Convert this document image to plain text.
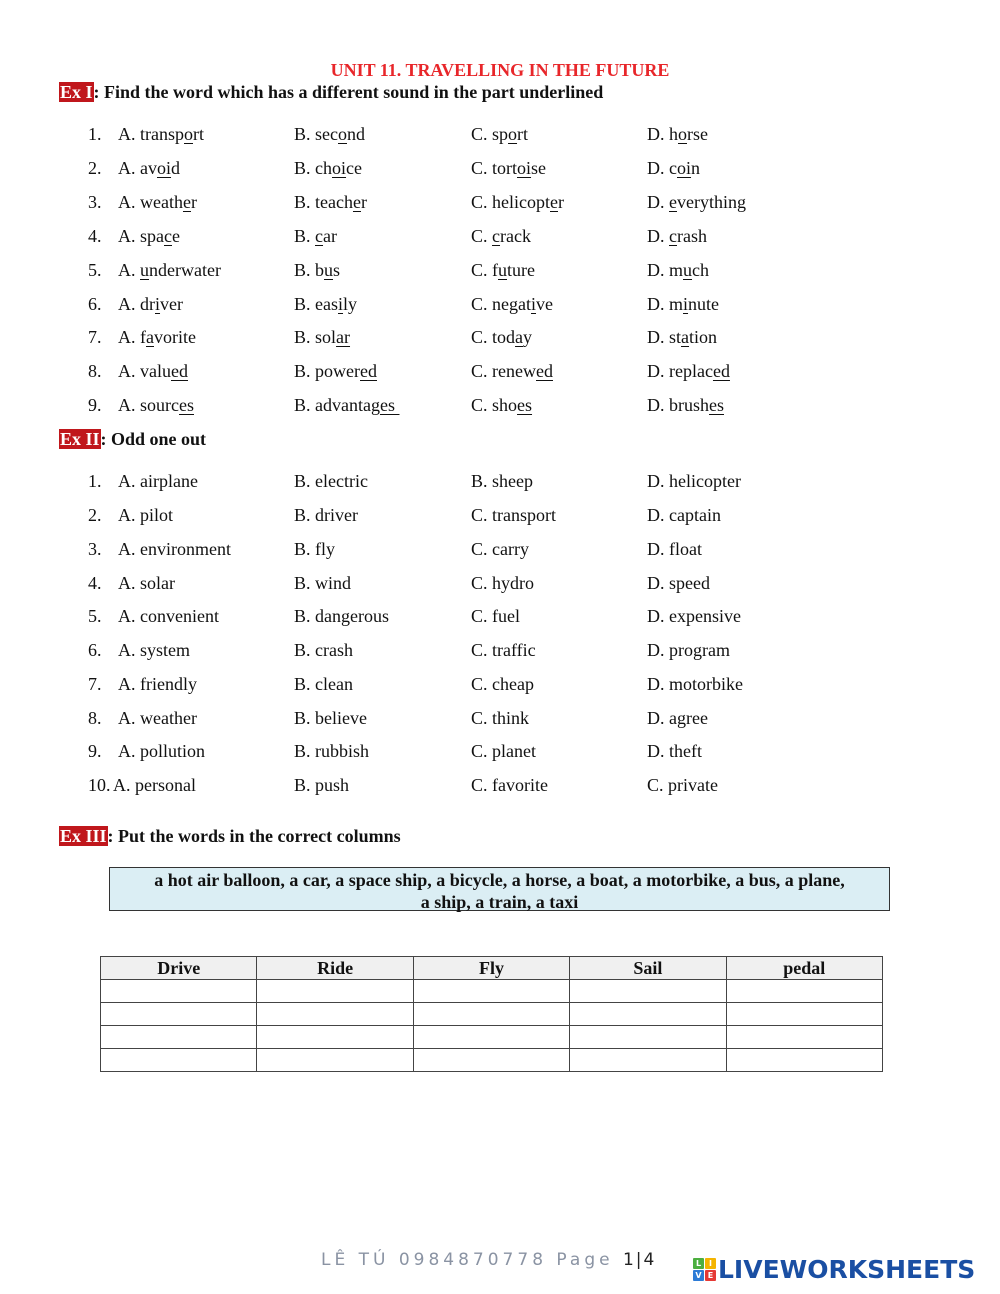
UNIT 11. TRAVELLING IN THE FUTURE
Ex I: Find the word which has a different sound in the part underlined
1. A. transport	B. second	C. sport	D. horse
2. A. avoid	B. choice	C. tortoise	D. coin
3. A. weather	B. teacher	C. helicopter	D. everything
4. A. space	B. car	C. crack	D. crash
5. A. underwater	B. bus	C. future	D. much
6. A. driver	B. easily	C. negative	D. minute
7. A. favorite	B. solar	C. today	D. station
8. A. valued	B. powered	C. renewed	D. replaced
9. A. sources	B. advantages	C. shoes	D. brushes
Ex II: Odd one out
1. A. airplane	B. electric	B. sheep	D. helicopter
2. A. pilot	B. driver	C. transport	D. captain
3. A. environment	B. fly	C. carry	D. float
4. A. solar	B. wind	C. hydro	D. speed
5. A. convenient	B. dangerous	C. fuel	D. expensive
6. A. system	B. crash	C. traffic	D. program
7. A. friendly	B. clean	C. cheap	D. motorbike
8. A. weather	B. believe	C. think	D. agree
9. A. pollution	B. rubbish	C. planet	D. theft
10. A. personal	B. push	C. favorite	C. private
Ex III: Put the words in the correct columns
a hot air balloon, a car, a space ship, a bicycle, a horse, a boat, a motorbike, a bus, a plane,
a ship, a train, a taxi
Drive	Ride	Fly	Sail	pedal

LÊ TÚ 0984870778 Page 1|4	L I
V E LIVEWORKSHEETS
